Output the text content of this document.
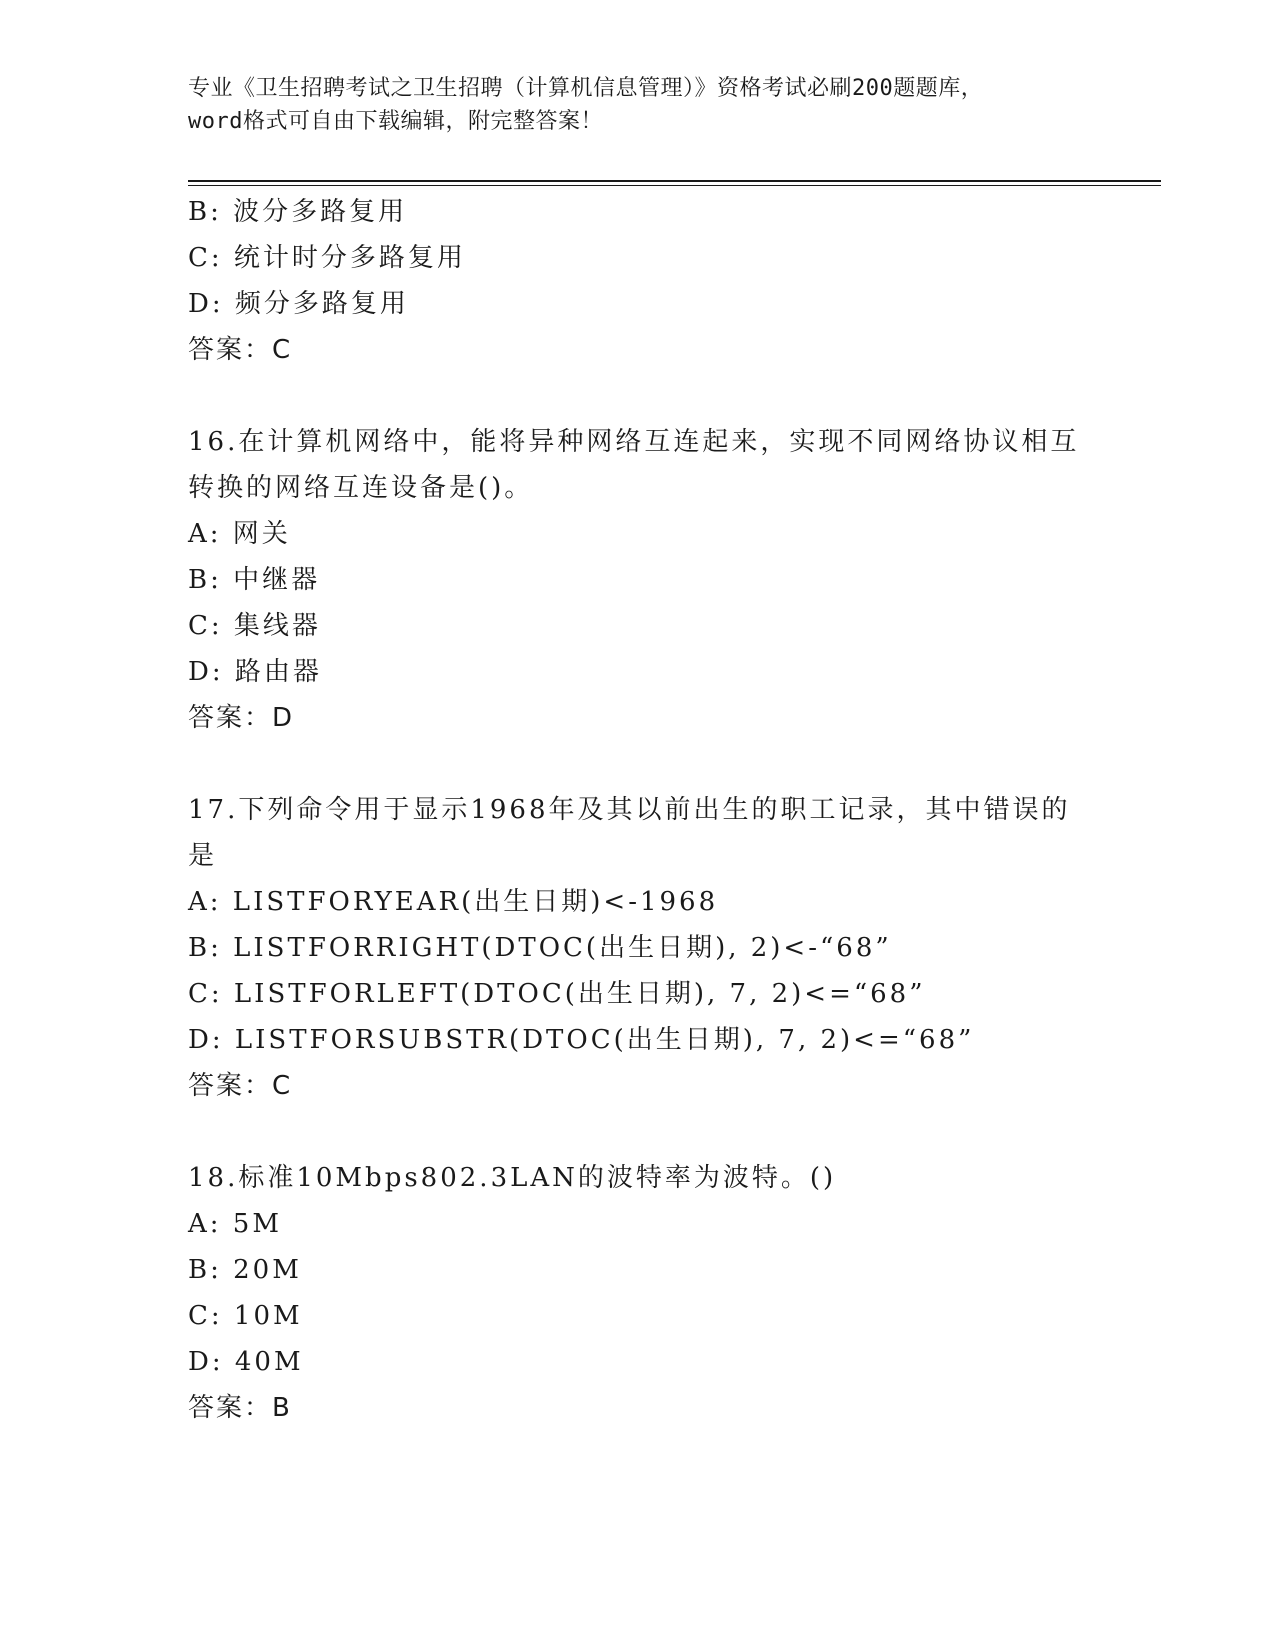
专业《卫生招聘考试之卫生招聘（计算机信息管理）》资格考试必刷200题题库，
word格式可自由下载编辑，附完整答案！
B: 波分多路复用
C: 统计时分多路复用
D: 频分多路复用
答案：C
16.在计算机网络中，能将异种网络互连起来，实现不同网络协议相互
转换的网络互连设备是()。
A: 网关
B: 中继器
C: 集线器
D: 路由器
答案：D
17.下列命令用于显示1968年及其以前出生的职工记录，其中错误的
是
A: LISTFORYEAR(出生日期)<-1968
B: LISTFORRIGHT(DTOC(出生日期), 2)<-“68”
C: LISTFORLEFT(DTOC(出生日期), 7, 2)<=“68”
D: LISTFORSUBSTR(DTOC(出生日期), 7, 2)<=“68”
答案：C
18.标准10Mbps802.3LAN的波特率为波特。()
A: 5M
B: 20M
C: 10M
D: 40M
答案：B
